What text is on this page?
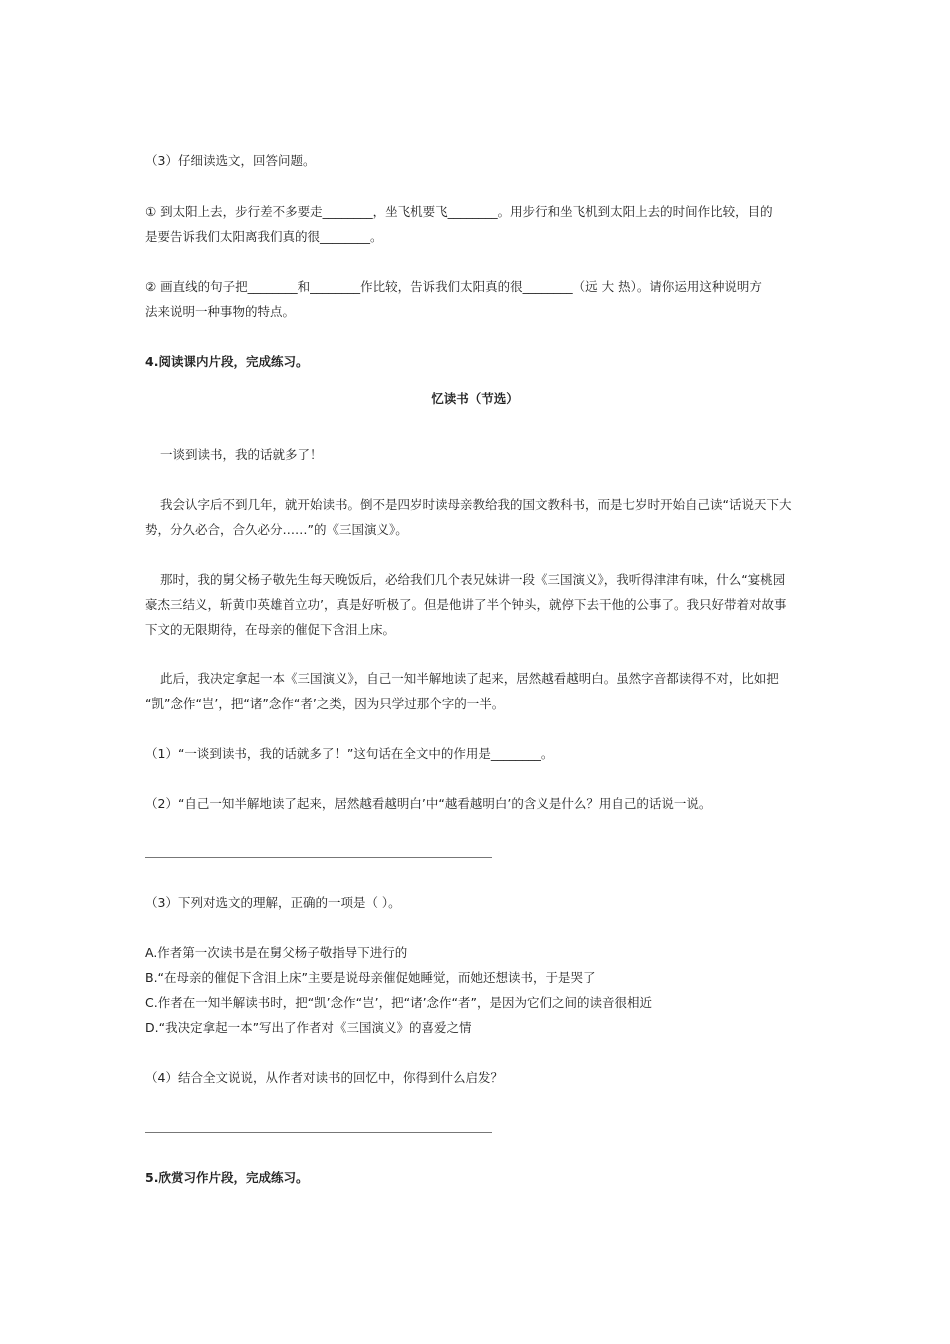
（3）仔细读选文，回答问题。
① 到太阳上去，步行差不多要走________，坐飞机要飞________。用步行和坐飞机到太阳上去的时间作比较，目的
是要告诉我们太阳离我们真的很________。
② 画直线的句子把________和________作比较，告诉我们太阳真的很________（远 大 热）。请你运用这种说明方
法来说明一种事物的特点。
4.阅读课内片段，完成练习。
忆读书（节选）
一谈到读书，我的话就多了！
我会认字后不到几年，就开始读书。倒不是四岁时读母亲教给我的国文教科书，而是七岁时开始自己读“话说天下大
势，分久必合，合久必分……”的《三国演义》。
那时，我的舅父杨子敬先生每天晚饭后，必给我们几个表兄妹讲一段《三国演义》，我听得津津有味，什么“宴桃园
豪杰三结义，斩黄巾英雄首立功’，真是好听极了。但是他讲了半个钟头，就停下去干他的公事了。我只好带着对故事
下文的无限期待，在母亲的催促下含泪上床。
此后，我决定拿起一本《三国演义》，自己一知半解地读了起来，居然越看越明白。虽然字音都读得不对，比如把
“凯”念作“岂’，把“诸”念作“者’之类，因为只学过那个字的一半。
（1）“一谈到读书，我的话就多了！”这句话在全文中的作用是________。
（2）“自己一知半解地读了起来，居然越看越明白’中“越看越明白’的含义是什么？用自己的话说一说。
（3）下列对选文的理解，正确的一项是（ ）。
A.作者第一次读书是在舅父杨子敬指导下进行的
B.“在母亲的催促下含泪上床”主要是说母亲催促她睡觉，而她还想读书，于是哭了
C.作者在一知半解读书时，把“凯’念作“岂’，把“诸’念作“者”，是因为它们之间的读音很相近
D.“我决定拿起一本”写出了作者对《三国演义》的喜爱之情
（4）结合全文说说，从作者对读书的回忆中，你得到什么启发？
5.欣赏习作片段，完成练习。
